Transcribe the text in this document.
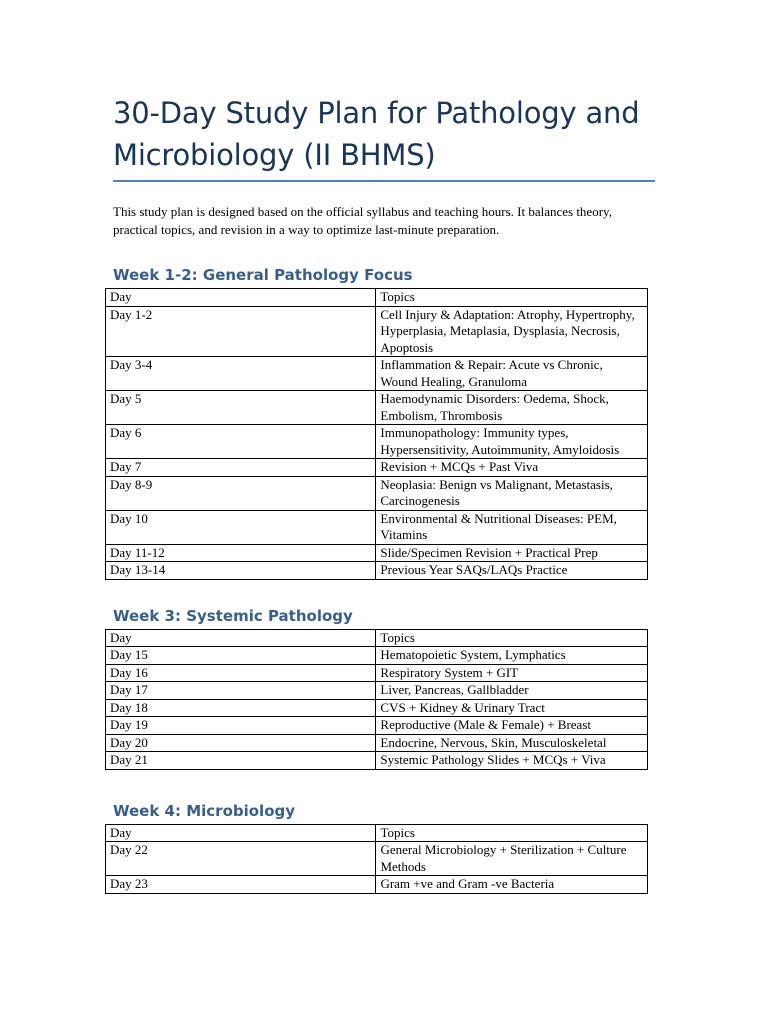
30-Day Study Plan for Pathology and Microbiology (II BHMS)

This study plan is designed based on the official syllabus and teaching hours. It balances theory, practical topics, and revision in a way to optimize last-minute preparation.

Week 1-2: General Pathology Focus
Day	Topics
Day 1-2	Cell Injury & Adaptation: Atrophy, Hypertrophy, Hyperplasia, Metaplasia, Dysplasia, Necrosis, Apoptosis
Day 3-4	Inflammation & Repair: Acute vs Chronic, Wound Healing, Granuloma
Day 5	Haemodynamic Disorders: Oedema, Shock, Embolism, Thrombosis
Day 6	Immunopathology: Immunity types, Hypersensitivity, Autoimmunity, Amyloidosis
Day 7	Revision + MCQs + Past Viva
Day 8-9	Neoplasia: Benign vs Malignant, Metastasis, Carcinogenesis
Day 10	Environmental & Nutritional Diseases: PEM, Vitamins
Day 11-12	Slide/Specimen Revision + Practical Prep
Day 13-14	Previous Year SAQs/LAQs Practice
Week 3: Systemic Pathology
Day	Topics
Day 15	Hematopoietic System, Lymphatics
Day 16	Respiratory System + GIT
Day 17	Liver, Pancreas, Gallbladder
Day 18	CVS + Kidney & Urinary Tract
Day 19	Reproductive (Male & Female) + Breast
Day 20	Endocrine, Nervous, Skin, Musculoskeletal
Day 21	Systemic Pathology Slides + MCQs + Viva
Week 4: Microbiology
Day	Topics
Day 22	General Microbiology + Sterilization + Culture Methods
Day 23	Gram +ve and Gram -ve Bacteria
